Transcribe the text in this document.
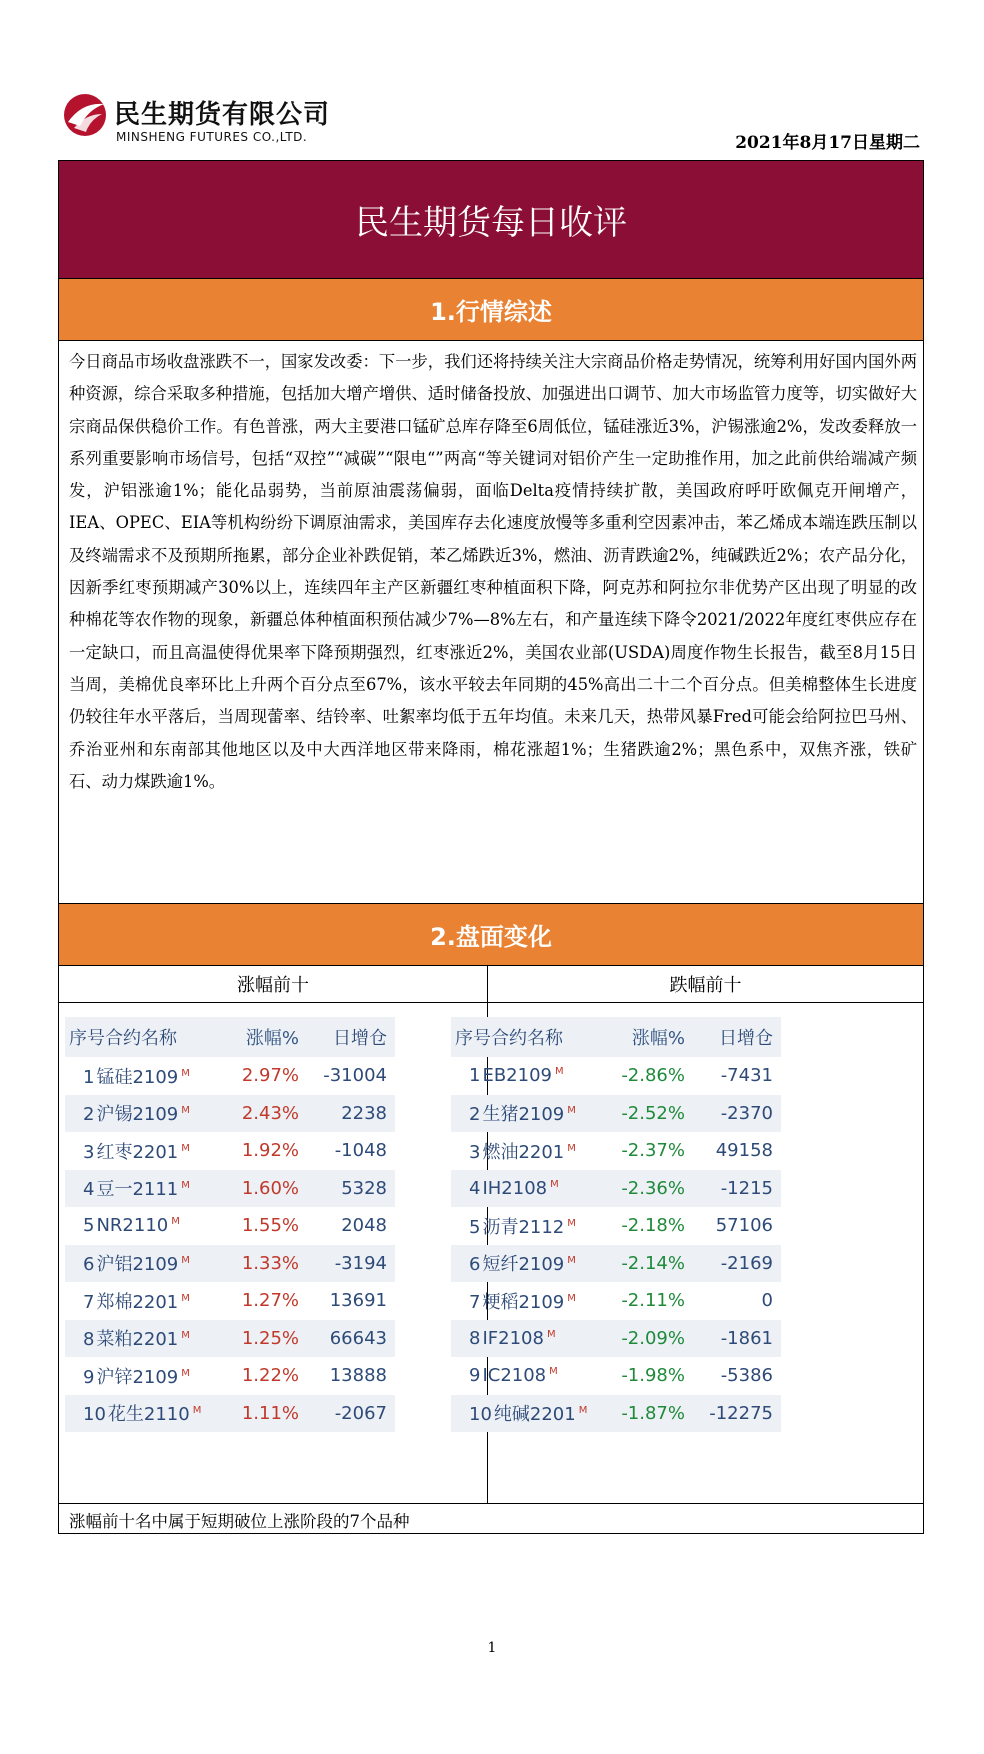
民生期货有限公司
MINSHENG FUTURES CO.,LTD.	2021年8月17日星期二
民生期货每日收评
1.行情综述
今日商品市场收盘涨跌不一，国家发改委：下一步，我们还将持续关注大宗商品价格走势情况，统筹利用好国内国外两种资源，综合采取多种措施，包括加大增产增供、适时储备投放、加强进出口调节、加大市场监管力度等，切实做好大宗商品保供稳价工作。有色普涨，两大主要港口锰矿总库存降至6周低位，锰硅涨近3%，沪锡涨逾2%，发改委释放一系列重要影响市场信号，包括“双控”“减碳”“限电“”两高“等关键词对铝价产生一定助推作用，加之此前供给端减产频发，沪铝涨逾1%；能化品弱势，当前原油震荡偏弱，面临Delta疫情持续扩散，美国政府呼吁欧佩克开闸增产，IEA、OPEC、EIA等机构纷纷下调原油需求，美国库存去化速度放慢等多重利空因素冲击，苯乙烯成本端连跌压制以及终端需求不及预期所拖累，部分企业补跌促销，苯乙烯跌近3%，燃油、沥青跌逾2%，纯碱跌近2%；农产品分化，因新季红枣预期减产30%以上，连续四年主产区新疆红枣种植面积下降，阿克苏和阿拉尔非优势产区出现了明显的改种棉花等农作物的现象，新疆总体种植面积预估减少7%—8%左右，和产量连续下降令2021/2022年度红枣供应存在一定缺口，而且高温使得优果率下降预期强烈，红枣涨近2%，美国农业部(USDA)周度作物生长报告，截至8月15日当周，美棉优良率环比上升两个百分点至67%，该水平较去年同期的45%高出二十二个百分点。但美棉整体生长进度仍较往年水平落后，当周现蕾率、结铃率、吐絮率均低于五年均值。未来几天，热带风暴Fred可能会给阿拉巴马州、乔治亚州和东南部其他地区以及中大西洋地区带来降雨，棉花涨超1%；生猪跌逾2%；黑色系中，双焦齐涨，铁矿石、动力煤跌逾1%。
2.盘面变化
涨幅前十	跌幅前十
序号合约名称	涨幅%	日增仓
1 锰硅2109 $^M$	2.97%	-31004
2 沪锡2109 $^M$	2.43%	2238
3 红枣2201 $^M$	1.92%	-1048
4 豆一2111 $^M$	1.60%	5328
5 NR2110 $^M$	1.55%	2048
6 沪铝2109 $^M$	1.33%	-3194
7 郑棉2201 $^M$	1.27%	13691
8 菜粕2201 $^M$	1.25%	66643
9 沪锌2109 $^M$	1.22%	13888
10 花生2110 $^M$	1.11%	-2067
序号合约名称	涨幅%	日增仓
1 EB2109 $^M$	-2.86%	-7431
2 生猪2109 $^M$	-2.52%	-2370
3 燃油2201 $^M$	-2.37%	49158
4 IH2108 $^M$	-2.36%	-1215
5 沥青2112 $^M$	-2.18%	57106
6 短纤2109 $^M$	-2.14%	-2169
7 粳稻2109 $^M$	-2.11%	0
8 IF2108 $^M$	-2.09%	-1861
9 IC2108 $^M$	-1.98%	-5386
10 纯碱2201 $^M$	-1.87%	-12275
涨幅前十名中属于短期破位上涨阶段的7个品种
1
